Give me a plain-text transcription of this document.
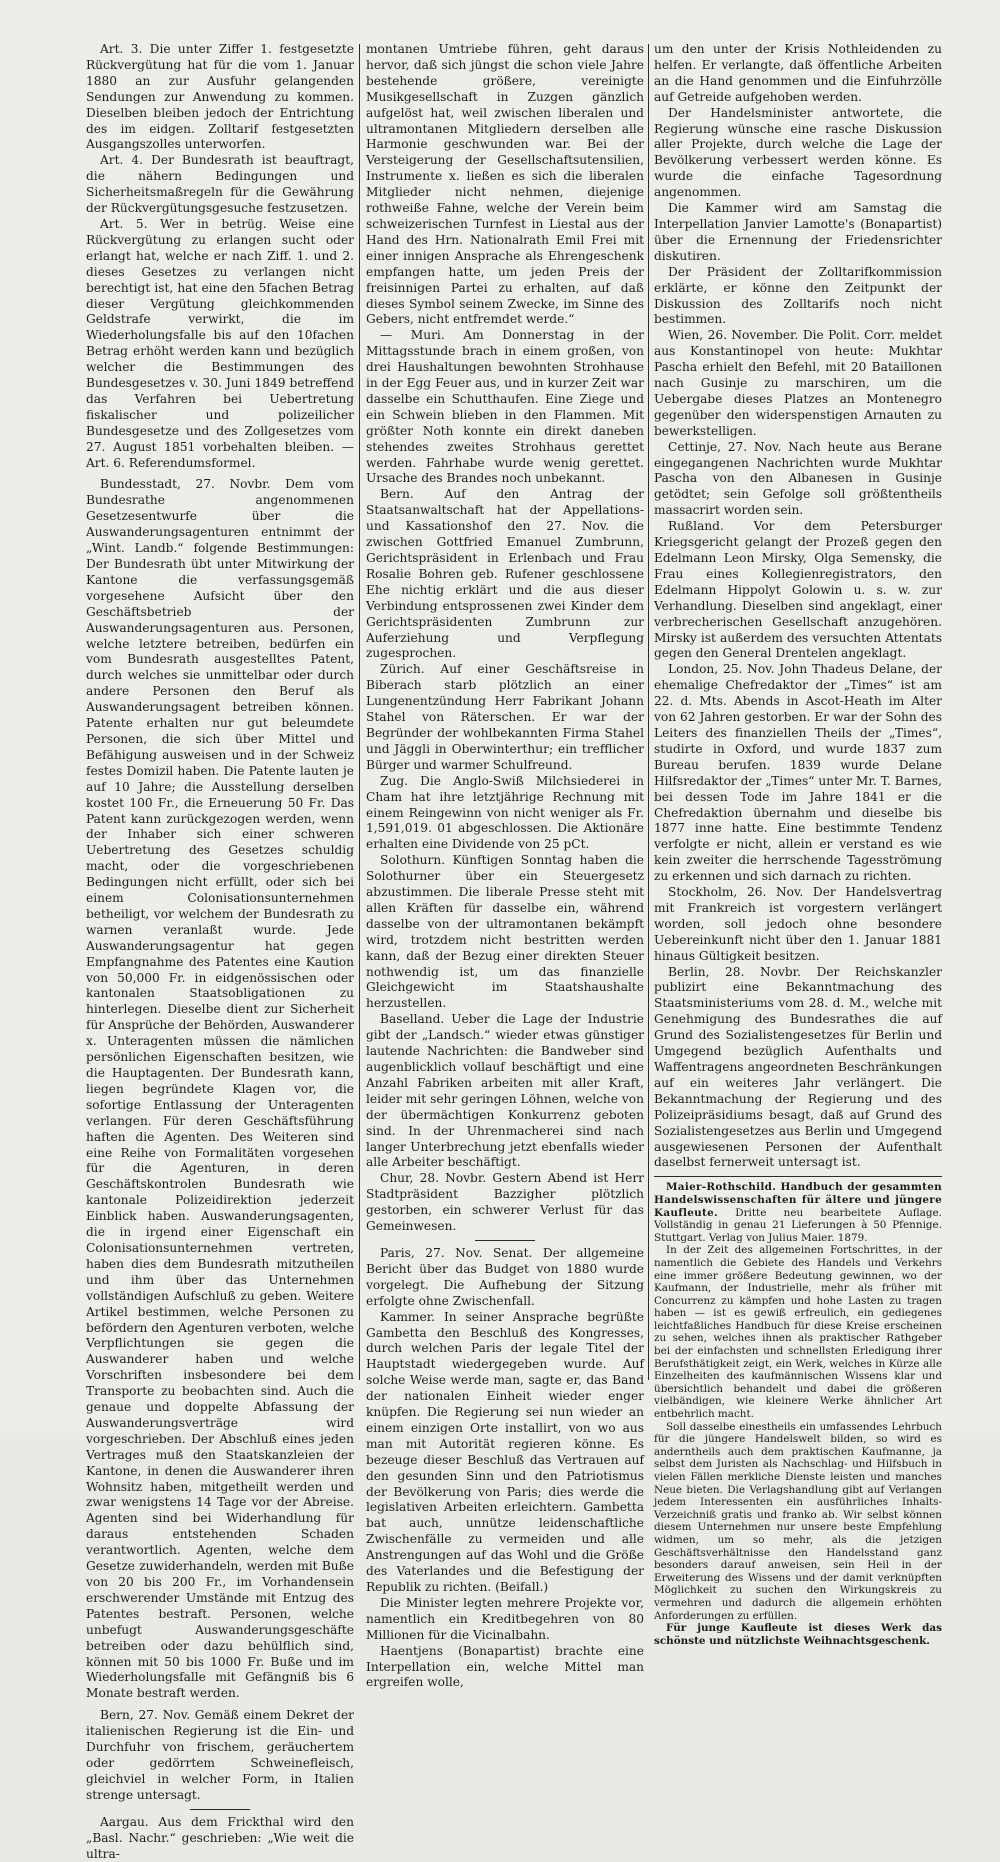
Art. 3. Die unter Ziffer 1. festgesetzte Rückvergütung hat für die vom 1. Januar 1880 an zur Ausfuhr gelangenden Sendungen zur Anwendung zu kommen. Dieselben bleiben jedoch der Entrichtung des im eidgen. Zolltarif festgesetzten Ausgangszolles unterworfen.

Art. 4. Der Bundesrath ist beauftragt, die nähern Bedingungen und Sicherheitsmaßregeln für die Gewährung der Rückvergütungsgesuche festzusetzen.

Art. 5. Wer in betrüg. Weise eine Rückvergütung zu erlangen sucht oder erlangt hat, welche er nach Ziff. 1. und 2. dieses Gesetzes zu verlangen nicht berechtigt ist, hat eine den 5fachen Betrag dieser Vergütung gleichkommenden Geldstrafe verwirkt, die im Wiederholungsfalle bis auf den 10fachen Betrag erhöht werden kann und bezüglich welcher die Bestimmungen des Bundesgesetzes v. 30. Juni 1849 betreffend das Verfahren bei Uebertretung fiskalischer und polizeilicher Bundesgesetze und des Zollgesetzes vom 27. August 1851 vorbehalten bleiben. — Art. 6. Referendumsformel.

Bundesstadt, 27. Novbr. Dem vom Bundesrathe angenommenen Gesetzesentwurfe über die Auswanderungsagenturen entnimmt der „Wint. Landb.“ folgende Bestimmungen: Der Bundesrath übt unter Mitwirkung der Kantone die verfassungsgemäß vorgesehene Aufsicht über den Geschäftsbetrieb der Auswanderungsagenturen aus. Personen, welche letztere betreiben, bedürfen ein vom Bundesrath ausgestelltes Patent, durch welches sie unmittelbar oder durch andere Personen den Beruf als Auswanderungsagent betreiben können. Patente erhalten nur gut beleumdete Personen, die sich über Mittel und Befähigung ausweisen und in der Schweiz festes Domizil haben. Die Patente lauten je auf 10 Jahre; die Ausstellung derselben kostet 100 Fr., die Erneuerung 50 Fr. Das Patent kann zurückgezogen werden, wenn der Inhaber sich einer schweren Uebertretung des Gesetzes schuldig macht, oder die vorgeschriebenen Bedingungen nicht erfüllt, oder sich bei einem Colonisationsunternehmen betheiligt, vor welchem der Bundesrath zu warnen veranlaßt wurde. Jede Auswanderungsagentur hat gegen Empfangnahme des Patentes eine Kaution von 50,000 Fr. in eidgenössischen oder kantonalen Staatsobligationen zu hinterlegen. Dieselbe dient zur Sicherheit für Ansprüche der Behörden, Auswanderer x. Unteragenten müssen die nämlichen persönlichen Eigenschaften besitzen, wie die Hauptagenten. Der Bundesrath kann, liegen begründete Klagen vor, die sofortige Entlassung der Unteragenten verlangen. Für deren Geschäftsführung haften die Agenten. Des Weiteren sind eine Reihe von Formalitäten vorgesehen für die Agenturen, in deren Geschäftskontrolen Bundesrath wie kantonale Polizeidirektion jederzeit Einblick haben. Auswanderungsagenten, die in irgend einer Eigenschaft ein Colonisationsunternehmen vertreten, haben dies dem Bundesrath mitzutheilen und ihm über das Unternehmen vollständigen Aufschluß zu geben. Weitere Artikel bestimmen, welche Personen zu befördern den Agenturen verboten, welche Verpflichtungen sie gegen die Auswanderer haben und welche Vorschriften insbesondere bei dem Transporte zu beobachten sind. Auch die genaue und doppelte Abfassung der Auswanderungsverträge wird vorgeschrieben. Der Abschluß eines jeden Vertrages muß den Staatskanzleien der Kantone, in denen die Auswanderer ihren Wohnsitz haben, mitgetheilt werden und zwar wenigstens 14 Tage vor der Abreise. Agenten sind bei Widerhandlung für daraus entstehenden Schaden verantwortlich. Agenten, welche dem Gesetze zuwiderhandeln, werden mit Buße von 20 bis 200 Fr., im Vorhandensein erschwerender Umstände mit Entzug des Patentes bestraft. Personen, welche unbefugt Auswanderungsgeschäfte betreiben oder dazu behülflich sind, können mit 50 bis 1000 Fr. Buße und im Wiederholungsfalle mit Gefängniß bis 6 Monate bestraft werden.

Bern, 27. Nov. Gemäß einem Dekret der italienischen Regierung ist die Ein- und Durchfuhr von frischem, geräuchertem oder gedörrtem Schweinefleisch, gleichviel in welcher Form, in Italien strenge untersagt.

Aargau. Aus dem Frickthal wird den „Basl. Nachr.“ geschrieben: „Wie weit die ultra-

montanen Umtriebe führen, geht daraus hervor, daß sich jüngst die schon viele Jahre bestehende größere, vereinigte Musikgesellschaft in Zuzgen gänzlich aufgelöst hat, weil zwischen liberalen und ultramontanen Mitgliedern derselben alle Harmonie geschwunden war. Bei der Versteigerung der Gesellschaftsutensilien, Instrumente x. ließen es sich die liberalen Mitglieder nicht nehmen, diejenige rothweiße Fahne, welche der Verein beim schweizerischen Turnfest in Liestal aus der Hand des Hrn. Nationalrath Emil Frei mit einer innigen Ansprache als Ehrengeschenk empfangen hatte, um jeden Preis der freisinnigen Partei zu erhalten, auf daß dieses Symbol seinem Zwecke, im Sinne des Gebers, nicht entfremdet werde.“

— Muri. Am Donnerstag in der Mittagsstunde brach in einem großen, von drei Haushaltungen bewohnten Strohhause in der Egg Feuer aus, und in kurzer Zeit war dasselbe ein Schutthaufen. Eine Ziege und ein Schwein blieben in den Flammen. Mit größter Noth konnte ein direkt daneben stehendes zweites Strohhaus gerettet werden. Fahrhabe wurde wenig gerettet. Ursache des Brandes noch unbekannt.

Bern. Auf den Antrag der Staatsanwaltschaft hat der Appellations- und Kassationshof den 27. Nov. die zwischen Gottfried Emanuel Zumbrunn, Gerichtspräsident in Erlenbach und Frau Rosalie Bohren geb. Rufener geschlossene Ehe nichtig erklärt und die aus dieser Verbindung entsprossenen zwei Kinder dem Gerichtspräsidenten Zumbrunn zur Auferziehung und Verpflegung zugesprochen.

Zürich. Auf einer Geschäftsreise in Biberach starb plötzlich an einer Lungenentzündung Herr Fabrikant Johann Stahel von Rätersch​en. Er war der Begründer der wohlbekannten Firma Stahel und Jäggli in Oberwinterthur; ein trefflicher Bürger und warmer Schulfreund.

Zug. Die Anglo-Swiß Milchsiederei in Cham hat ihre letztjährige Rechnung mit einem Reingewinn von nicht weniger als Fr. 1,591,019. 01 abgeschlossen. Die Aktionäre erhalten eine Dividende von 25 pCt.

Solothurn. Künftigen Sonntag haben die Solothurner über ein Steuergesetz abzustimmen. Die liberale Presse steht mit allen Kräften für dasselbe ein, während dasselbe von der ultramontanen bekämpft wird, trotzdem nicht bestritten werden kann, daß der Bezug einer direkten Steuer nothwendig ist, um das finanzielle Gleichgewicht im Staatshaushalte herzustellen.

Baselland. Ueber die Lage der Industrie gibt der „Landsch.“ wieder etwas günstiger lautende Nachrichten: die Bandweber sind augenblicklich vollauf beschäftigt und eine Anzahl Fabriken arbeiten mit aller Kraft, leider mit sehr geringen Löhnen, welche von der übermächtigen Konkurrenz geboten sind. In der Uhrenmacherei sind nach langer Unterbrechung jetzt ebenfalls wieder alle Arbeiter beschäftigt.

Chur, 28. Novbr. Gestern Abend ist Herr Stadtpräsident Bazzigher plötzlich gestorben, ein schwerer Verlust für das Gemeinwesen.

Paris, 27. Nov. Senat. Der allgemeine Bericht über das Budget von 1880 wurde vorgelegt. Die Aufhebung der Sitzung erfolgte ohne Zwischenfall.

Kammer. In seiner Ansprache begrüßte Gambetta den Beschluß des Kongresses, durch welchen Paris der legale Titel der Hauptstadt wiedergegeben wurde. Auf solche Weise werde man, sagte er, das Band der nationalen Einheit wieder enger knüpfen. Die Regierung sei nun wieder an einem einzigen Orte installirt, von wo aus man mit Autorität regieren könne. Es bezeuge dieser Beschluß das Vertrauen auf den gesunden Sinn und den Patriotismus der Bevölkerung von Paris; dies werde die legislativen Arbeiten erleichtern. Gambetta bat auch, unnütze leidenschaftliche Zwischenfälle zu vermeiden und alle Anstrengungen auf das Wohl und die Größe des Vaterlandes und die Befestigung der Republik zu richten. (Beifall.)

Die Minister legten mehrere Projekte vor, namentlich ein Kreditbegehren von 80 Millionen für die Vicinalbahn.

Haentjens (Bonapartist) brachte eine Interpellation ein, welche Mittel man ergreifen wolle,

um den unter der Krisis Nothleidenden zu helfen. Er verlangte, daß öffentliche Arbeiten an die Hand genommen und die Einfuhrzölle auf Getreide aufgehoben werden.

Der Handelsminister antwortete, die Regierung wünsche eine rasche Diskussion aller Projekte, durch welche die Lage der Bevölkerung verbessert werden könne. Es wurde die einfache Tagesordnung angenommen.

Die Kammer wird am Samstag die Interpellation Janvier Lamotte's (Bonapartist) über die Ernennung der Friedensrichter diskutiren.

Der Präsident der Zolltarifkommission erklärte, er könne den Zeitpunkt der Diskussion des Zolltarifs noch nicht bestimmen.

Wien, 26. November. Die Polit. Corr. meldet aus Konstantinopel von heute: Mukhtar Pascha erhielt den Befehl, mit 20 Bataillonen nach Gusinje zu marschiren, um die Uebergabe dieses Platzes an Montenegro gegenüber den widerspenstigen Arnauten zu bewerkstelligen.

Cettinje, 27. Nov. Nach heute aus Berane eingegangenen Nachrichten wurde Mukhtar Pascha von den Albanesen in Gusinje getödtet; sein Gefolge soll größtentheils massacrirt worden sein.

Rußland. Vor dem Petersburger Kriegsgericht gelangt der Prozeß gegen den Edelmann Leon Mirsky, Olga Semensky, die Frau eines Kollegienregistrators, den Edelmann Hippolyt Golowin u. s. w. zur Verhandlung. Dieselben sind angeklagt, einer verbrecherischen Gesellschaft anzugehören. Mirsky ist außerdem des versuchten Attentats gegen den General Drentelen angeklagt.

London, 25. Nov. John Thadeus Delane, der ehemalige Chefredaktor der „Times“ ist am 22. d. Mts. Abends in Ascot-Heath im Alter von 62 Jahren gestorben. Er war der Sohn des Leiters des finanziellen Theils der „Times“, studirte in Oxford, und wurde 1837 zum Bureau berufen. 1839 wurde Delane Hilfsredaktor der „Times“ unter Mr. T. Barnes, bei dessen Tode im Jahre 1841 er die Chefredaktion übernahm und dieselbe bis 1877 inne hatte. Eine bestimmte Tendenz verfolgte er nicht, allein er verstand es wie kein zweiter die herrschende Tagesströmung zu erkennen und sich darnach zu richten.

Stockholm, 26. Nov. Der Handelsvertrag mit Frankreich ist vorgestern verlängert worden, soll jedoch ohne besondere Uebereinkunft nicht über den 1. Januar 1881 hinaus Gültigkeit besitzen.

Berlin, 28. Novbr. Der Reichskanzler publizirt eine Bekanntmachung des Staatsministeriums vom 28. d. M., welche mit Genehmigung des Bundesrathes die auf Grund des Sozialistengesetzes für Berlin und Umgegend bezüglich Aufenthalts und Waffentragens angeordneten Beschränkungen auf ein weiteres Jahr verlängert. Die Bekanntmachung der Regierung und des Polizeipräsidiums besagt, daß auf Grund des Sozialistengesetzes aus Berlin und Umgegend ausgewiesenen Personen der Aufenthalt daselbst fernerweit untersagt ist.

Maier-Rothschild. Handbuch der gesammten Handelswissenschaften für ältere und jüngere Kaufleute. Dritte neu bearbeitete Auflage. Vollständig in genau 21 Lieferungen à 50 Pfennige. Stuttgart. Verlag von Julius Maier. 1879.

In der Zeit des allgemeinen Fortschrittes, in der namentlich die Gebiete des Handels und Verkehrs eine immer größere Bedeutung gewinnen, wo der Kaufmann, der Industrielle, mehr als früher mit Concurrenz zu kämpfen und hohe Lasten zu tragen haben — ist es gewiß erfreulich, ein gediegenes leichtfaßliches Handbuch für diese Kreise erscheinen zu sehen, welches ihnen als praktischer Rathgeber bei der einfachsten und schnellsten Erledigung ihrer Berufsthätigkeit zeigt, ein Werk, welches in Kürze alle Einzelheiten des kaufmännischen Wissens klar und übersichtlich behandelt und dabei die größeren vielbändigen, wie kleinere Werke ähnlicher Art entbehrlich macht.

Soll dasselbe einestheils ein umfassendes Lehrbuch für die jüngere Handelswelt bilden, so wird es anderntheils auch dem praktischen Kaufmanne, ja selbst dem Juristen als Nachschlag- und Hilfsbuch in vielen Fällen merkliche Dienste leisten und manches Neue bieten. Die Verlagshandlung gibt auf Verlangen jedem Interessenten ein ausführliches Inhalts-Verzeichniß gratis und franko ab. Wir selbst können diesem Unternehmen nur unsere beste Empfehlung widmen, um so mehr, als die jetzigen Geschäftsverhältnisse den Handelsstand ganz besonders darauf anweisen, sein Heil in der Erweiterung des Wissens und der damit verknüpften Möglichkeit zu suchen den Wirkungskreis zu vermehren und dadurch die allgemein erhöhten Anforderungen zu erfüllen.

Für junge Kaufleute ist dieses Werk das schönste und nützlichste Weihnachtsgeschenk.
